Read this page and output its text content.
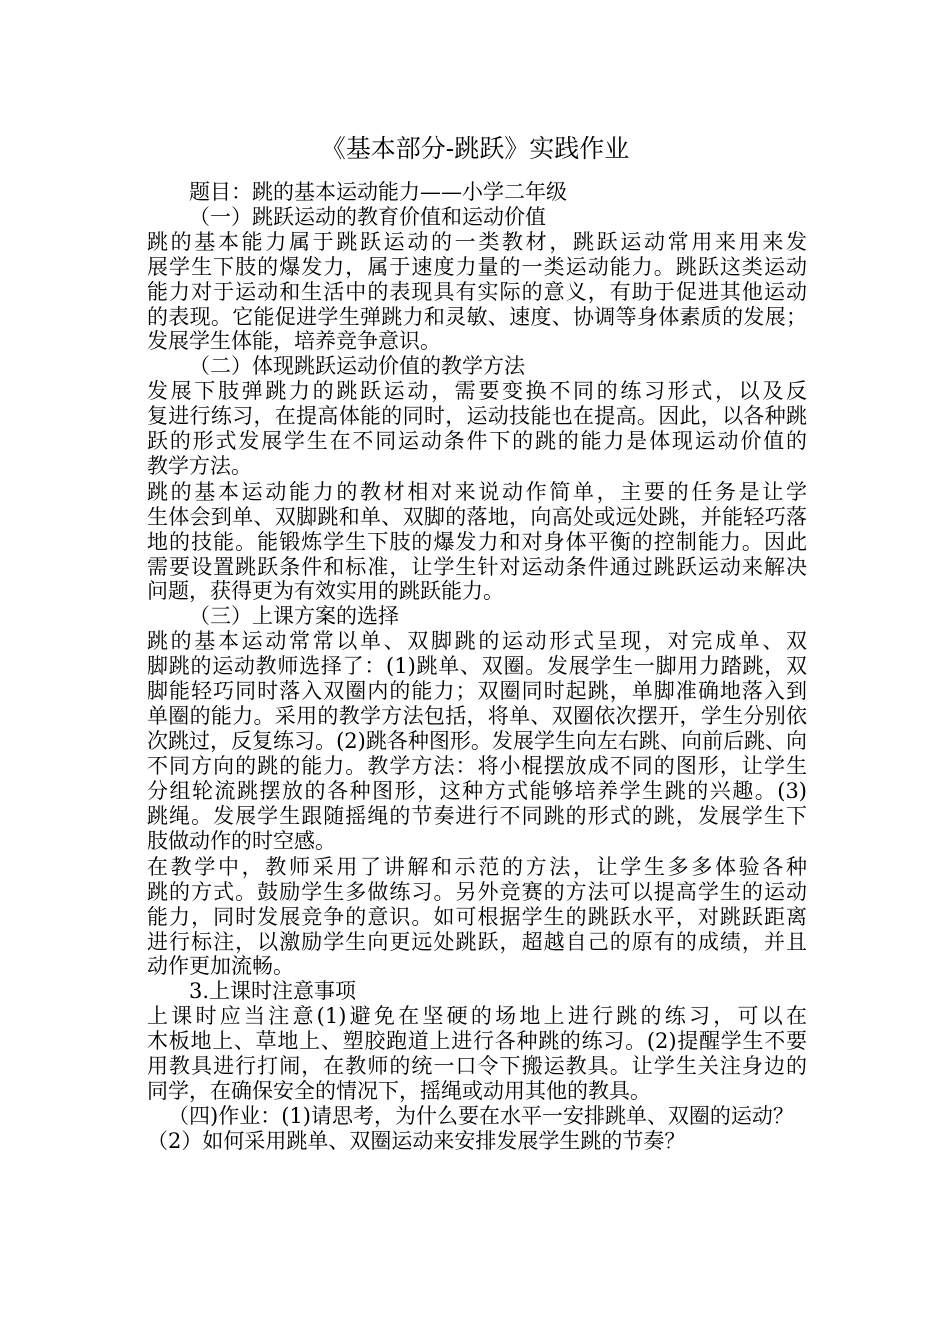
《基本部分-跳跃》实践作业
题目：跳的基本运动能力——小学二年级
（一）跳跃运动的教育价值和运动价值
跳的基本能力属于跳跃运动的一类教材，跳跃运动常用来用来发
展学生下肢的爆发力，属于速度力量的一类运动能力。跳跃这类运动
能力对于运动和生活中的表现具有实际的意义，有助于促进其他运动
的表现。它能促进学生弹跳力和灵敏、速度、协调等身体素质的发展；
发展学生体能，培养竞争意识。
（二）体现跳跃运动价值的教学方法
发展下肢弹跳力的跳跃运动，需要变换不同的练习形式，以及反
复进行练习，在提高体能的同时，运动技能也在提高。因此，以各种跳
跃的形式发展学生在不同运动条件下的跳的能力是体现运动价值的
教学方法。
跳的基本运动能力的教材相对来说动作简单，主要的任务是让学
生体会到单、双脚跳和单、双脚的落地，向高处或远处跳，并能轻巧落
地的技能。能锻炼学生下肢的爆发力和对身体平衡的控制能力。因此
需要设置跳跃条件和标准，让学生针对运动条件通过跳跃运动来解决
问题，获得更为有效实用的跳跃能力。
（三）上课方案的选择
跳的基本运动常常以单、双脚跳的运动形式呈现，对完成单、双
脚跳的运动教师选择了：(1)跳单、双圈。发展学生一脚用力踏跳，双
脚能轻巧同时落入双圈内的能力；双圈同时起跳，单脚准确地落入到
单圈的能力。采用的教学方法包括，将单、双圈依次摆开，学生分别依
次跳过，反复练习。(2)跳各种图形。发展学生向左右跳、向前后跳、向
不同方向的跳的能力。教学方法：将小棍摆放成不同的图形，让学生
分组轮流跳摆放的各种图形，这种方式能够培养学生跳的兴趣。(3)
跳绳。发展学生跟随摇绳的节奏进行不同跳的形式的跳，发展学生下
肢做动作的时空感。
在教学中，教师采用了讲解和示范的方法，让学生多多体验各种
跳的方式。鼓励学生多做练习。另外竞赛的方法可以提高学生的运动
能力，同时发展竞争的意识。如可根据学生的跳跃水平，对跳跃距离
进行标注，以激励学生向更远处跳跃，超越自己的原有的成绩，并且
动作更加流畅。
3.上课时注意事项
上课时应当注意(1)避免在坚硬的场地上进行跳的练习，可以在
木板地上、草地上、塑胶跑道上进行各种跳的练习。(2)提醒学生不要
用教具进行打闹，在教师的统一口令下搬运教具。让学生关注身边的
同学，在确保安全的情况下，摇绳或动用其他的教具。
（四)作业：(1)请思考，为什么要在水平一安排跳单、双圈的运动？
（2）如何采用跳单、双圈运动来安排发展学生跳的节奏？
